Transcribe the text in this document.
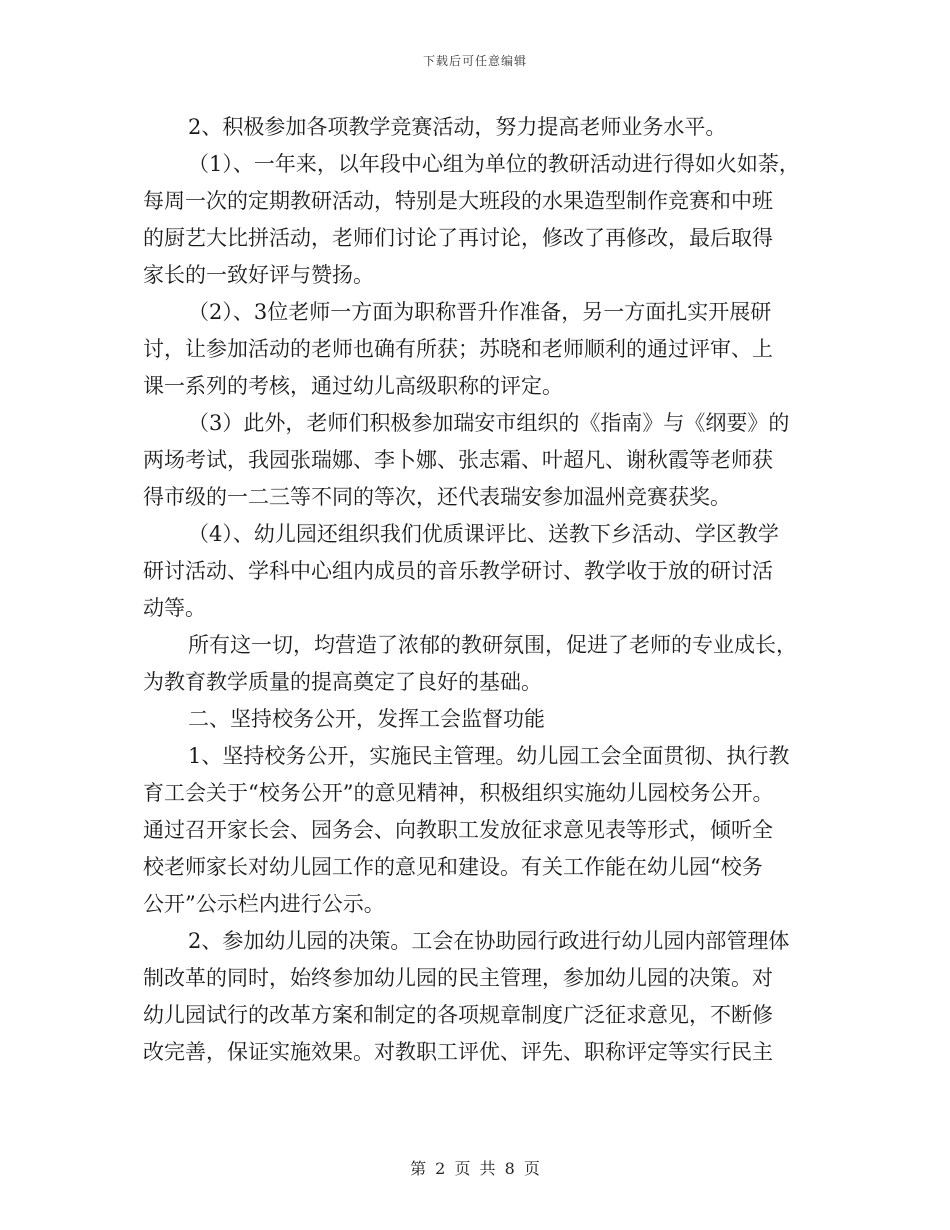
下载后可任意编辑
2、积极参加各项教学竞赛活动，努力提高老师业务水平。
（1）、一年来，以年段中心组为单位的教研活动进行得如火如荼，
每周一次的定期教研活动，特别是大班段的水果造型制作竞赛和中班
的厨艺大比拼活动，老师们讨论了再讨论，修改了再修改，最后取得
家长的一致好评与赞扬。
（2）、3位老师一方面为职称晋升作准备，另一方面扎实开展研
讨，让参加活动的老师也确有所获；苏晓和老师顺利的通过评审、上
课一系列的考核，通过幼儿高级职称的评定。
（3）此外，老师们积极参加瑞安市组织的《指南》与《纲要》的
两场考试，我园张瑞娜、李卜娜、张志霜、叶超凡、谢秋霞等老师获
得市级的一二三等不同的等次，还代表瑞安参加温州竞赛获奖。
（4）、幼儿园还组织我们优质课评比、送教下乡活动、学区教学
研讨活动、学科中心组内成员的音乐教学研讨、教学收于放的研讨活
动等。
所有这一切，均营造了浓郁的教研氛围，促进了老师的专业成长，
为教育教学质量的提高奠定了良好的基础。
二、坚持校务公开，发挥工会监督功能
1、坚持校务公开，实施民主管理。幼儿园工会全面贯彻、执行教
育工会关于“校务公开”的意见精神，积极组织实施幼儿园校务公开。
通过召开家长会、园务会、向教职工发放征求意见表等形式，倾听全
校老师家长对幼儿园工作的意见和建设。有关工作能在幼儿园“校务
公开”公示栏内进行公示。
2、参加幼儿园的决策。工会在协助园行政进行幼儿园内部管理体
制改革的同时，始终参加幼儿园的民主管理，参加幼儿园的决策。对
幼儿园试行的改革方案和制定的各项规章制度广泛征求意见，不断修
改完善，保证实施效果。对教职工评优、评先、职称评定等实行民主
第 2 页 共 8 页
